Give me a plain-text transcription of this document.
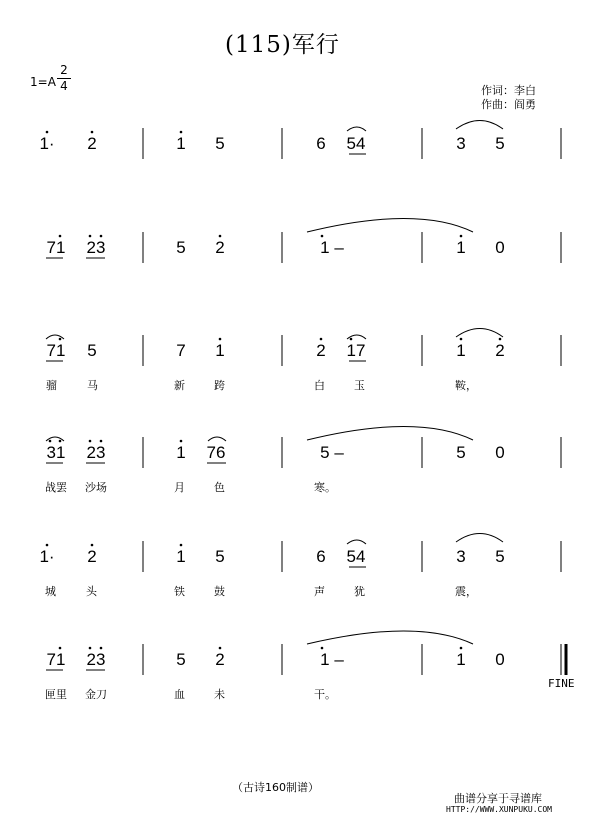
(115)军行
1=A
2
4	作词：李白
作曲：阎勇
1·	2	1	5	6	54	3	5
71 23	5	2	1 –	1	0
71	5	7	1	2	17	1	2
骝	马	新	跨	白	玉	鞍，
31 23	1	76	5 –	5	0
战罢 沙场	月	色	寒。
1·	2	1	5	6	54	3	5
城	头	铁	鼓	声	犹	震，
71 23	5	2	1 –	1	0
匣里 金刀	血	未	干。
FINE
（古诗160制谱）
曲谱分享于寻谱库
HTTP://WWW.XUNPUKU.COM
